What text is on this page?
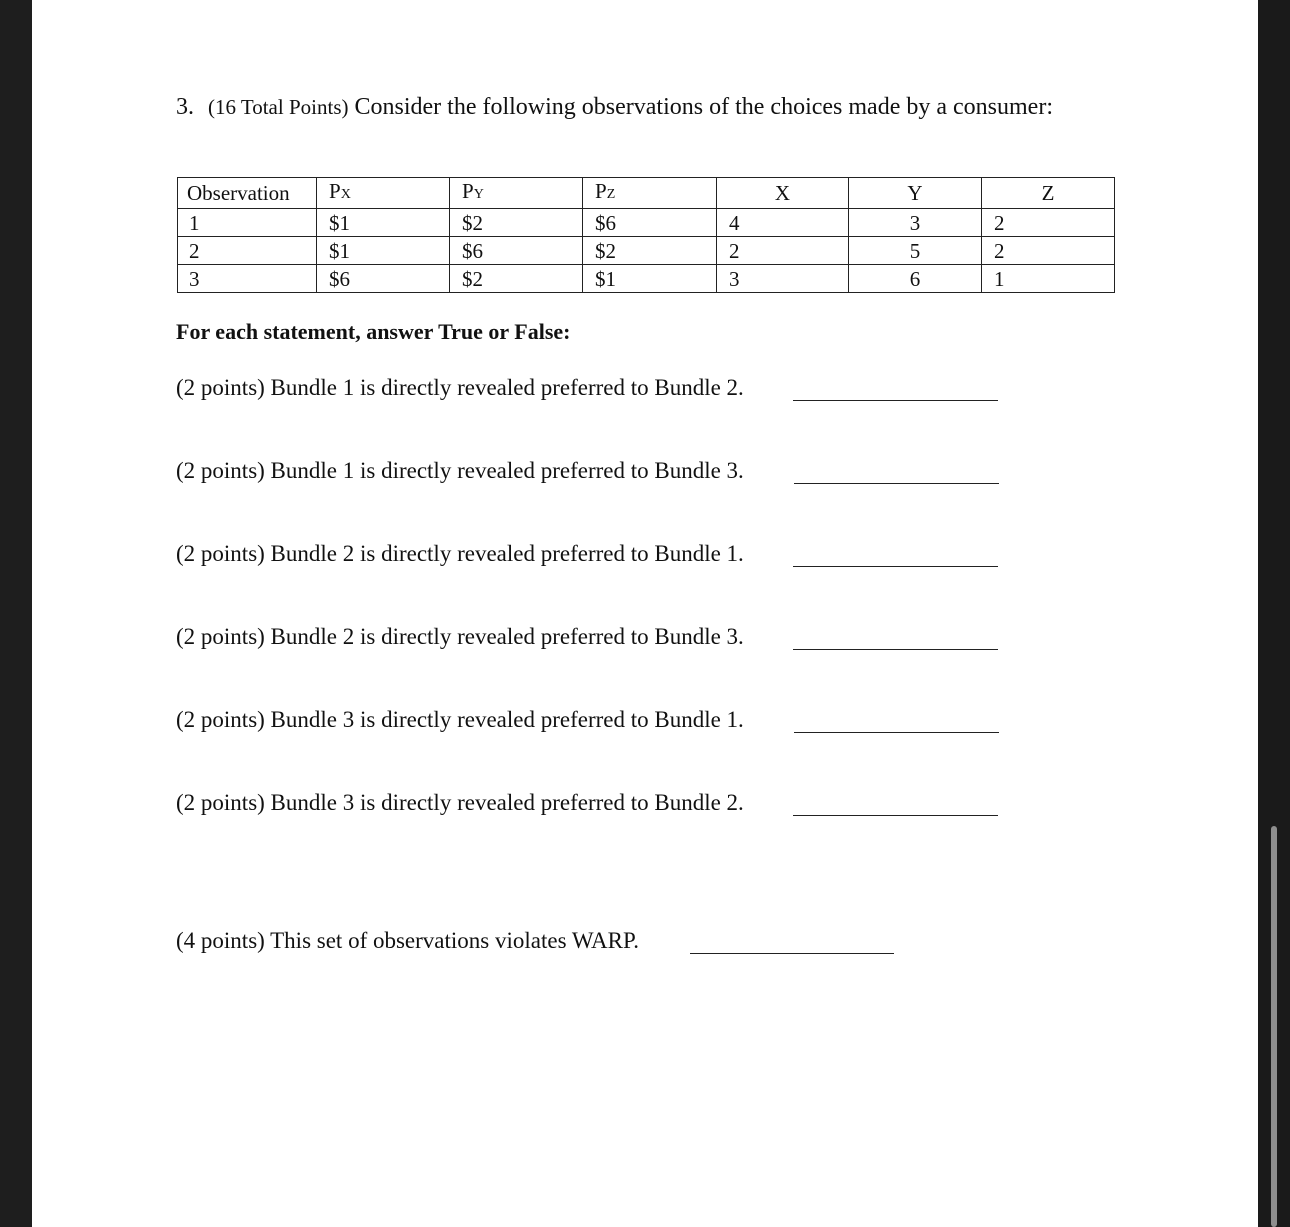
3. (16 Total Points) Consider the following observations of the choices made by a consumer:
Observation	PX	PY	PZ	X	Y	Z
1	$1	$2	$6	4	3	2
2	$1	$6	$2	2	5	2
3	$6	$2	$1	3	6	1
For each statement, answer True or False:
(2 points) Bundle 1 is directly revealed preferred to Bundle 2.
(2 points) Bundle 1 is directly revealed preferred to Bundle 3.
(2 points) Bundle 2 is directly revealed preferred to Bundle 1.
(2 points) Bundle 2 is directly revealed preferred to Bundle 3.
(2 points) Bundle 3 is directly revealed preferred to Bundle 1.
(2 points) Bundle 3 is directly revealed preferred to Bundle 2.
(4 points) This set of observations violates WARP.
